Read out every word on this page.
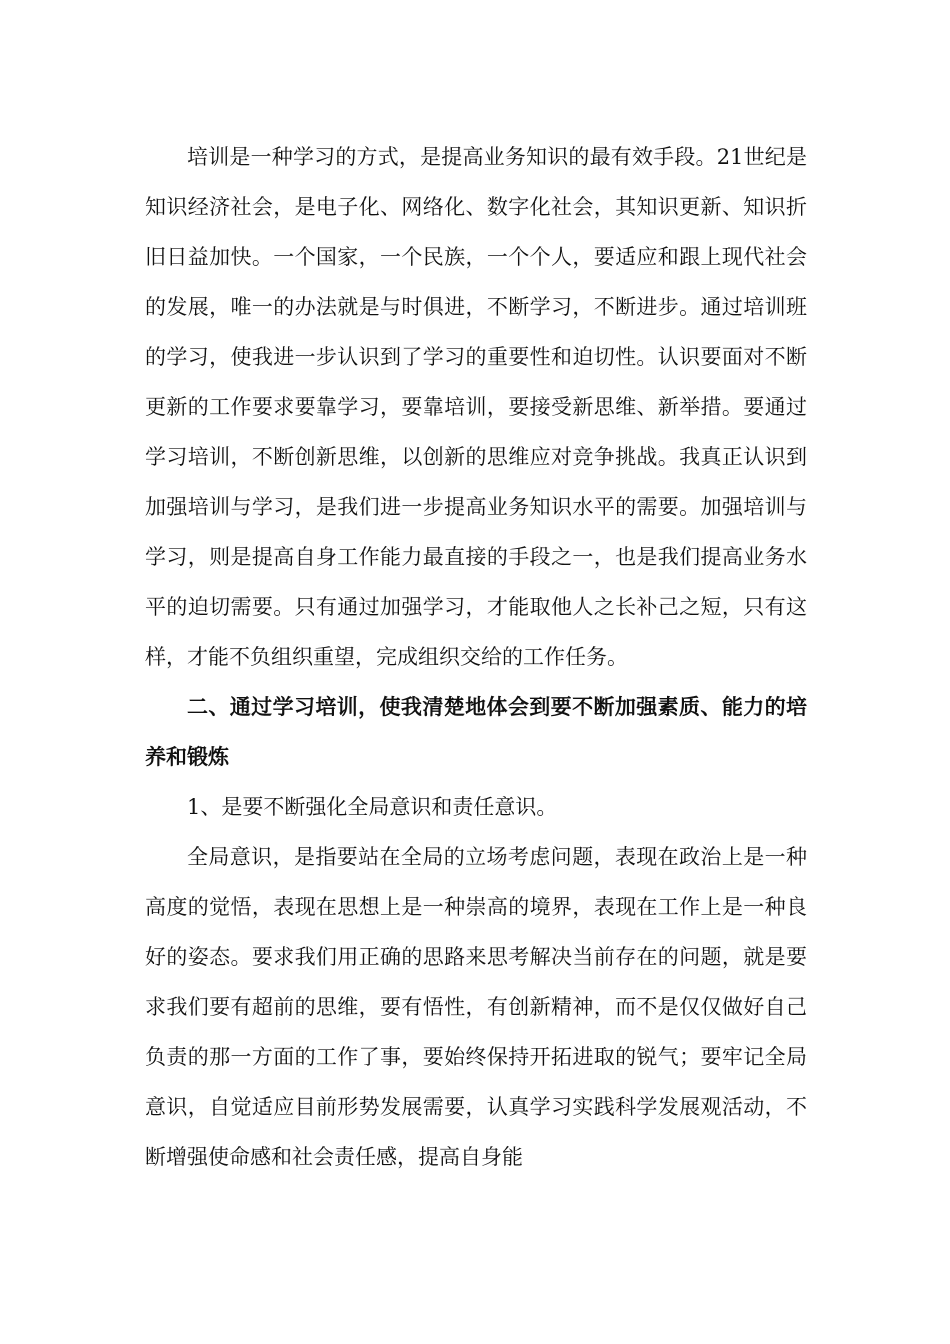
培训是一种学习的方式，是提高业务知识的最有效手段。21世纪是知识经济社会，是电子化、网络化、数字化社会，其知识更新、知识折旧日益加快。一个国家，一个民族，一个个人，要适应和跟上现代社会的发展，唯一的办法就是与时俱进，不断学习，不断进步。通过培训班的学习，使我进一步认识到了学习的重要性和迫切性。认识要面对不断更新的工作要求要靠学习，要靠培训，要接受新思维、新举措。要通过学习培训，不断创新思维，以创新的思维应对竞争挑战。我真正认识到加强培训与学习，是我们进一步提高业务知识水平的需要。加强培训与学习，则是提高自身工作能力最直接的手段之一，也是我们提高业务水平的迫切需要。只有通过加强学习，才能取他人之长补己之短，只有这样，才能不负组织重望，完成组织交给的工作任务。

二、通过学习培训，使我清楚地体会到要不断加强素质、能力的培养和锻炼

1、是要不断强化全局意识和责任意识。

全局意识，是指要站在全局的立场考虑问题，表现在政治上是一种高度的觉悟，表现在思想上是一种崇高的境界，表现在工作上是一种良好的姿态。要求我们用正确的思路来思考解决当前存在的问题，就是要求我们要有超前的思维，要有悟性，有创新精神，而不是仅仅做好自己负责的那一方面的工作了事，要始终保持开拓进取的锐气；要牢记全局意识，自觉适应目前形势发展需要，认真学习实践科学发展观活动，不断增强使命感和社会责任感，提高自身能
